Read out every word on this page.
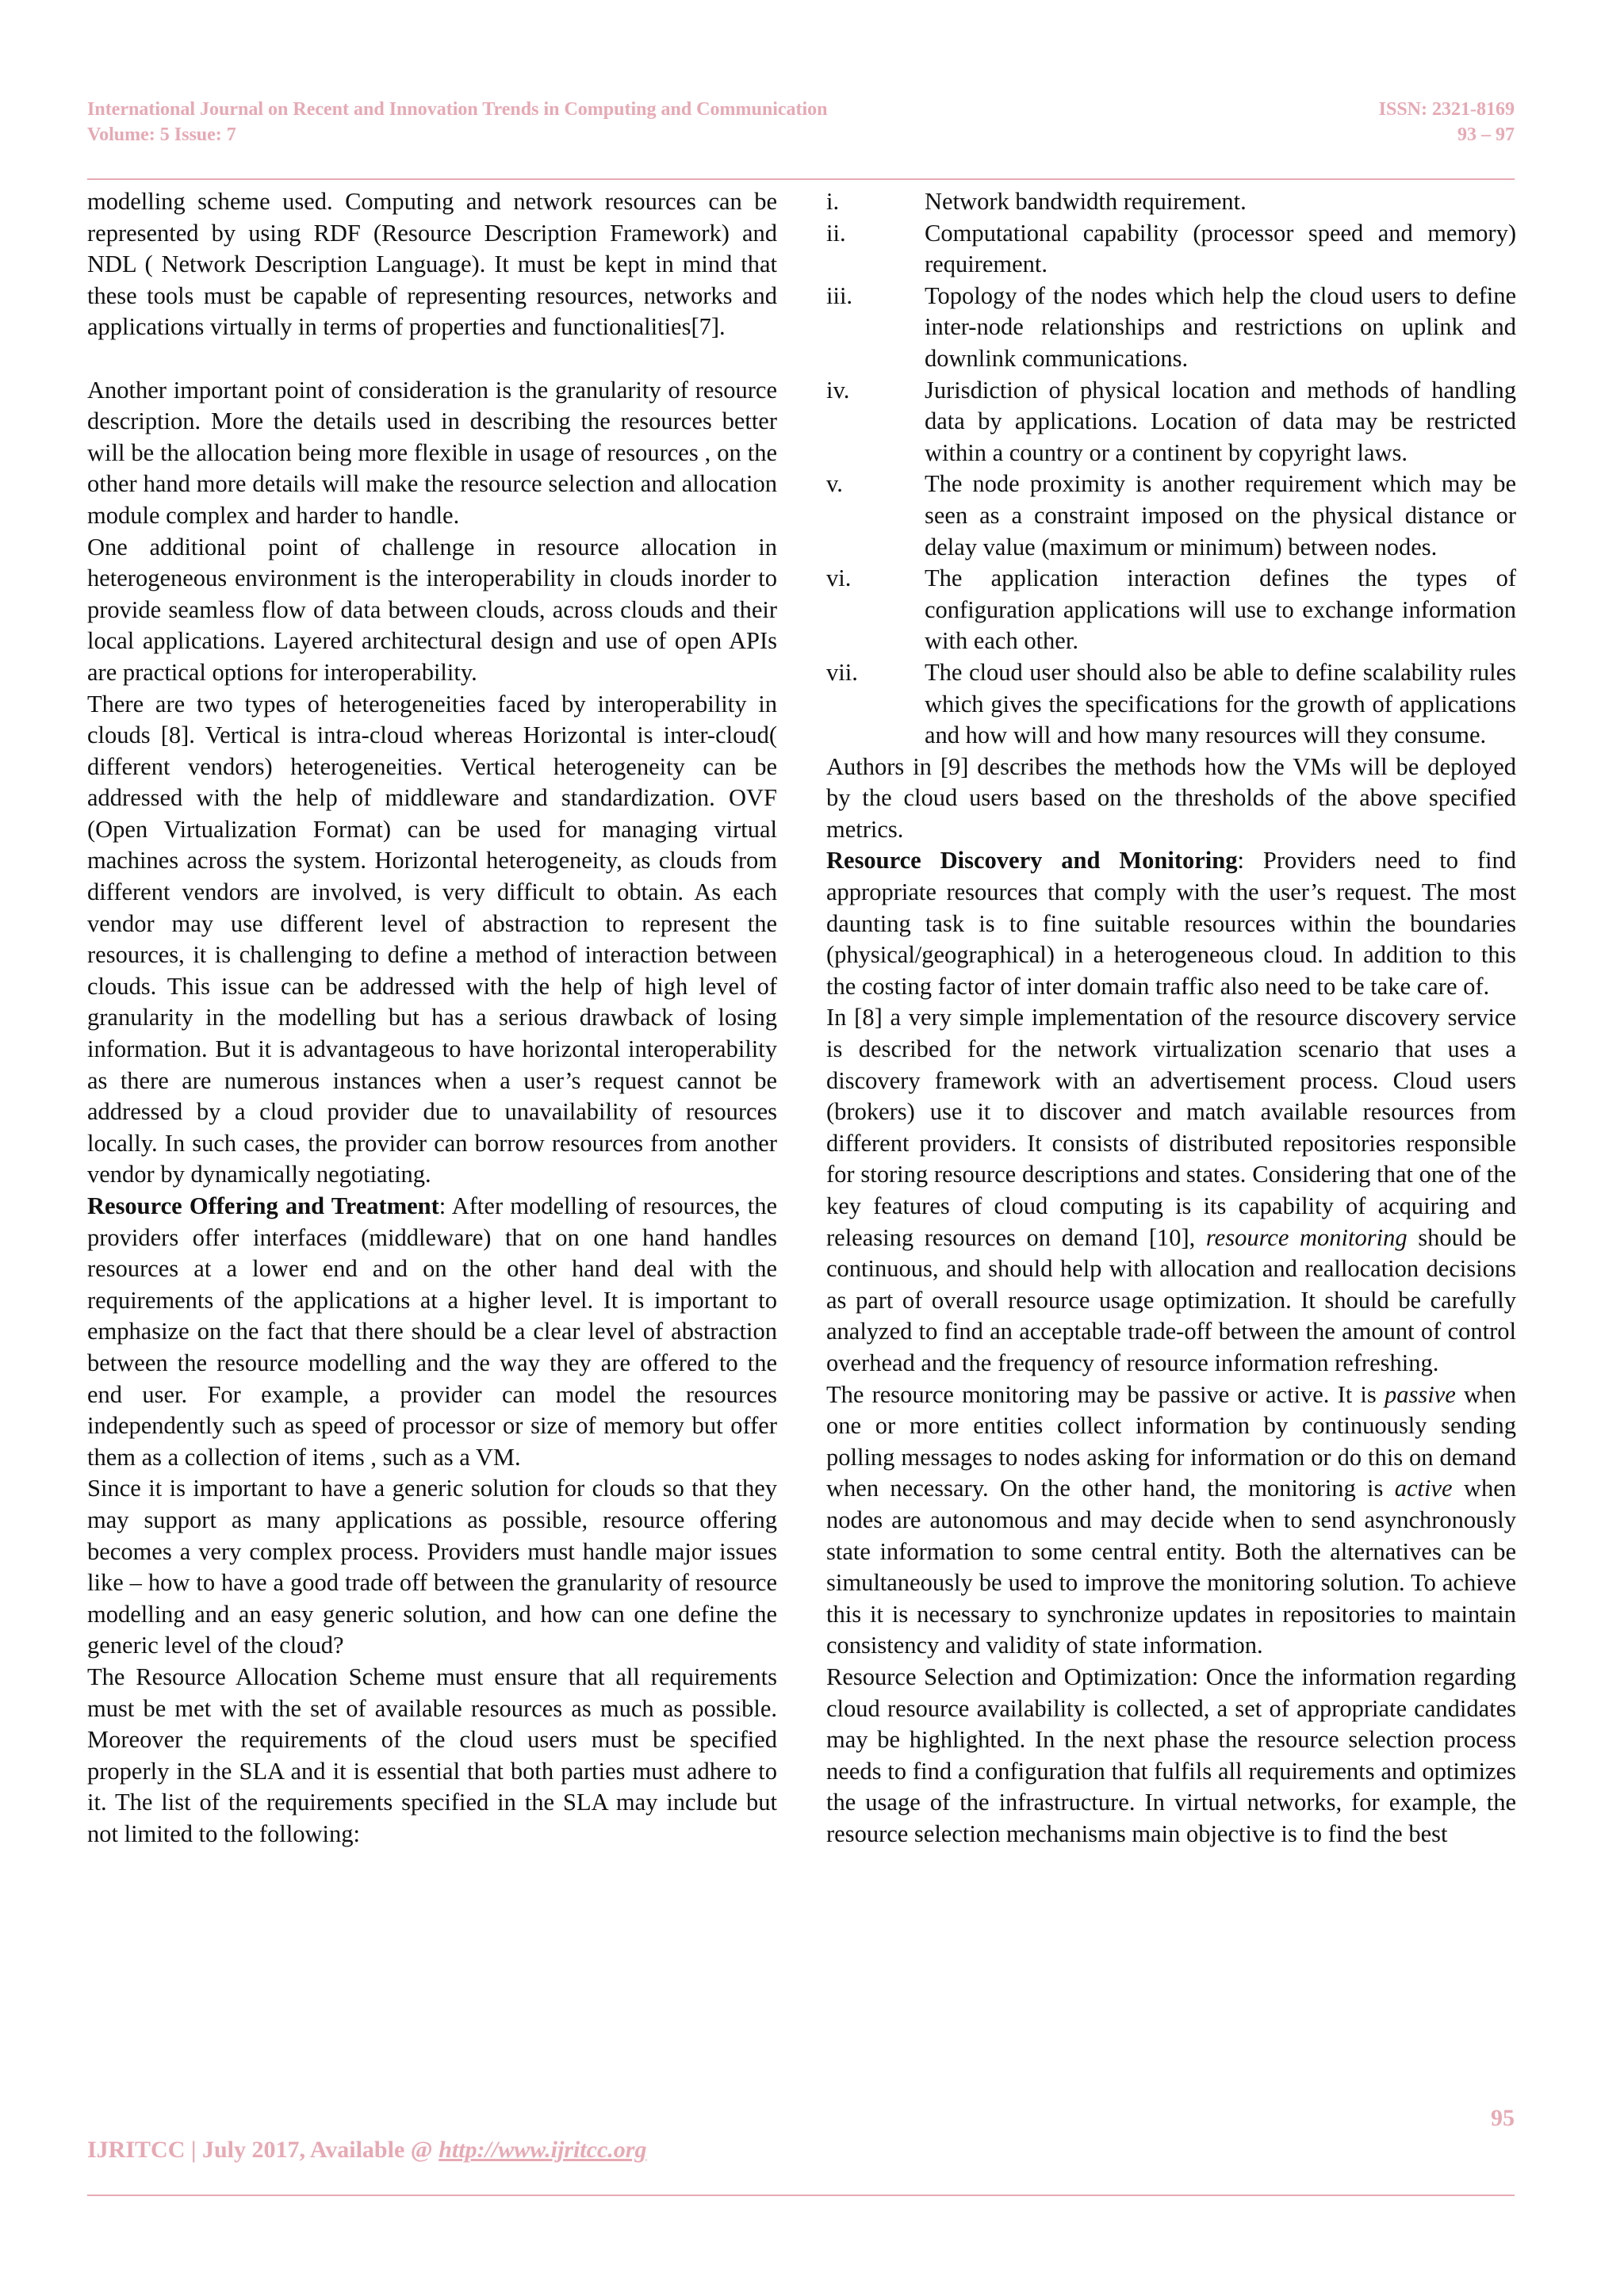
International Journal on Recent and Innovation Trends in Computing and Communication
Volume: 5 Issue: 7
ISSN: 2321-8169
93 – 97

modelling scheme used. Computing and network resources can be represented by using RDF (Resource Description Framework) and NDL ( Network Description Language). It must be kept in mind that these tools must be capable of representing resources, networks and applications virtually in terms of properties and functionalities[7].

Another important point of consideration is the granularity of resource description. More the details used in describing the resources better will be the allocation being more flexible in usage of resources , on the other hand more details will make the resource selection and allocation module complex and harder to handle.

One additional point of challenge in resource allocation in heterogeneous environment is the interoperability in clouds inorder to provide seamless flow of data between clouds, across clouds and their local applications. Layered architectural design and use of open APIs are practical options for interoperability.

There are two types of heterogeneities faced by interoperability in clouds [8]. Vertical is intra-cloud whereas Horizontal is inter-cloud( different vendors) heterogeneities. Vertical heterogeneity can be addressed with the help of middleware and standardization. OVF (Open Virtualization Format) can be used for managing virtual machines across the system. Horizontal heterogeneity, as clouds from different vendors are involved, is very difficult to obtain. As each vendor may use different level of abstraction to represent the resources, it is challenging to define a method of interaction between clouds. This issue can be addressed with the help of high level of granularity in the modelling but has a serious drawback of losing information. But it is advantageous to have horizontal interoperability as there are numerous instances when a user’s request cannot be addressed by a cloud provider due to unavailability of resources locally. In such cases, the provider can borrow resources from another vendor by dynamically negotiating.

Resource Offering and Treatment: After modelling of resources, the providers offer interfaces (middleware) that on one hand handles resources at a lower end and on the other hand deal with the requirements of the applications at a higher level. It is important to emphasize on the fact that there should be a clear level of abstraction between the resource modelling and the way they are offered to the end user. For example, a provider can model the resources independently such as speed of processor or size of memory but offer them as a collection of items , such as a VM.

Since it is important to have a generic solution for clouds so that they may support as many applications as possible, resource offering becomes a very complex process. Providers must handle major issues like – how to have a good trade off between the granularity of resource modelling and an easy generic solution, and how can one define the generic level of the cloud?

The Resource Allocation Scheme must ensure that all requirements must be met with the set of available resources as much as possible. Moreover the requirements of the cloud users must be specified properly in the SLA and it is essential that both parties must adhere to it. The list of the requirements specified in the SLA may include but not limited to the following:

i.	Network bandwidth requirement.
ii.	Computational capability (processor speed and memory) requirement.
iii.	Topology of the nodes which help the cloud users to define inter-node relationships and restrictions on uplink and downlink communications.
iv.	Jurisdiction of physical location and methods of handling data by applications. Location of data may be restricted within a country or a continent by copyright laws.
v.	The node proximity is another requirement which may be seen as a constraint imposed on the physical distance or delay value (maximum or minimum) between nodes.
vi.	The application interaction defines the types of configuration applications will use to exchange information with each other.
vii.	The cloud user should also be able to define scalability rules which gives the specifications for the growth of applications and how will and how many resources will they consume.

Authors in [9] describes the methods how the VMs will be deployed by the cloud users based on the thresholds of the above specified metrics.

Resource Discovery and Monitoring: Providers need to find appropriate resources that comply with the user’s request. The most daunting task is to fine suitable resources within the boundaries (physical/geographical) in a heterogeneous cloud. In addition to this the costing factor of inter domain traffic also need to be take care of.

In [8] a very simple implementation of the resource discovery service is described for the network virtualization scenario that uses a discovery framework with an advertisement process. Cloud users (brokers) use it to discover and match available resources from different providers. It consists of distributed repositories responsible for storing resource descriptions and states. Considering that one of the key features of cloud computing is its capability of acquiring and releasing resources on demand [10], resource monitoring should be continuous, and should help with allocation and reallocation decisions as part of overall resource usage optimization. It should be carefully analyzed to find an acceptable trade-off between the amount of control overhead and the frequency of resource information refreshing.

The resource monitoring may be passive or active. It is passive when one or more entities collect information by continuously sending polling messages to nodes asking for information or do this on demand when necessary. On the other hand, the monitoring is active when nodes are autonomous and may decide when to send asynchronously state information to some central entity. Both the alternatives can be simultaneously be used to improve the monitoring solution. To achieve this it is necessary to synchronize updates in repositories to maintain consistency and validity of state information.

Resource Selection and Optimization: Once the information regarding cloud resource availability is collected, a set of appropriate candidates may be highlighted. In the next phase the resource selection process needs to find a configuration that fulfils all requirements and optimizes the usage of the infrastructure. In virtual networks, for example, the resource selection mechanisms main objective is to find the best

95
IJRITCC | July 2017, Available @ http://www.ijritcc.org
